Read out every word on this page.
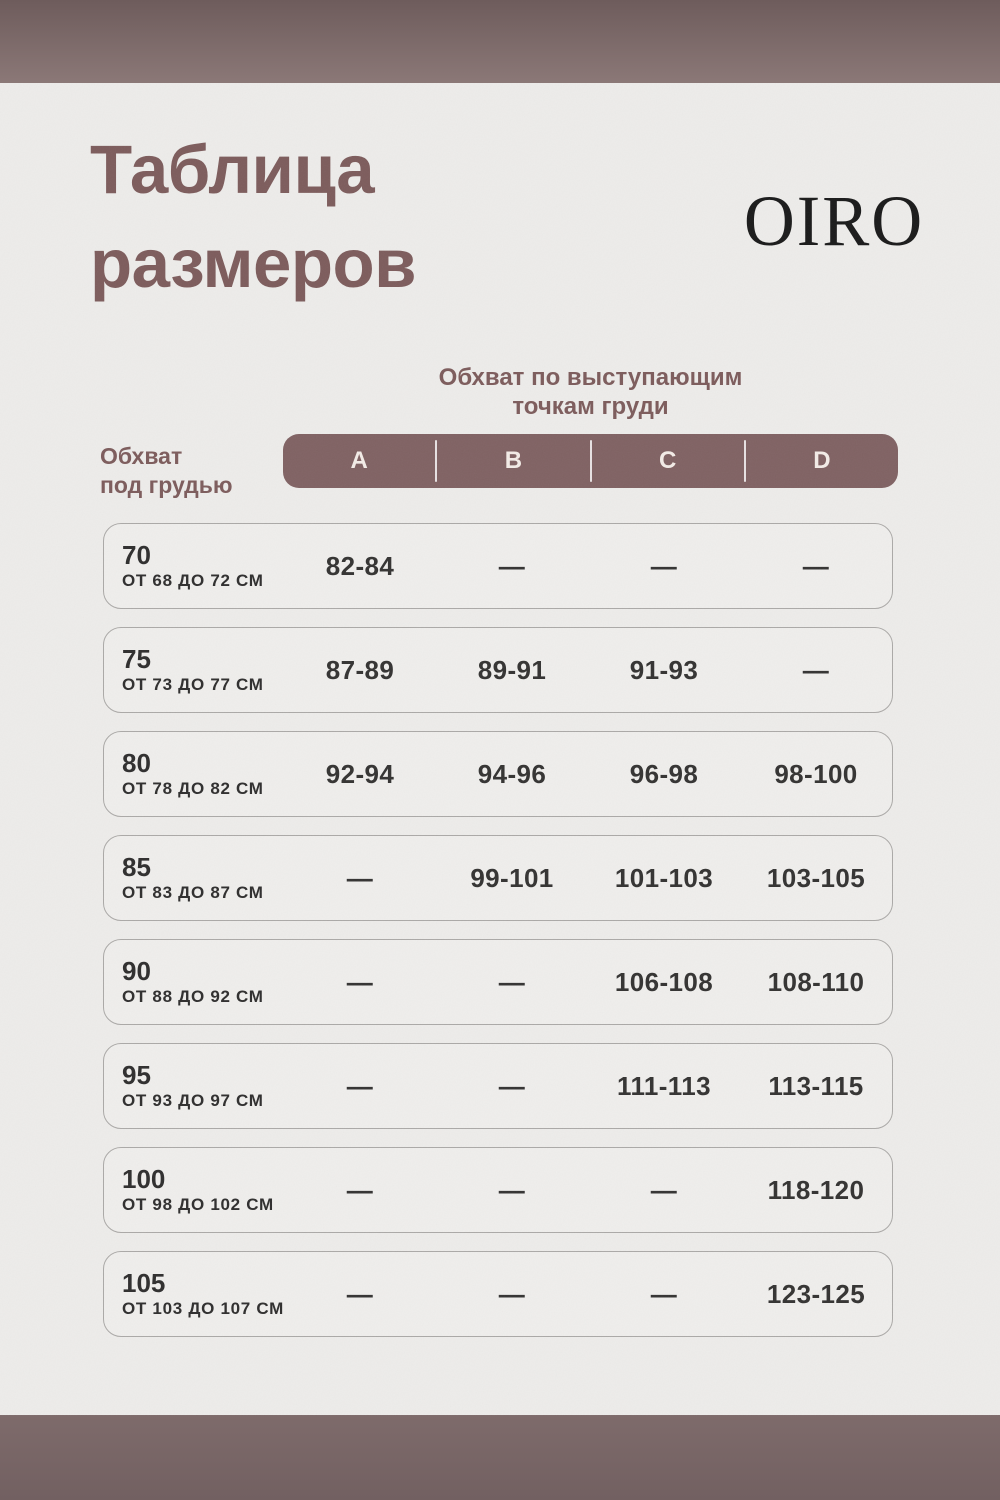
Таблица
размеров
OIRO
Обхват по выступающим
точкам груди
Обхват
под грудью
A	B	C	D
70
ОТ 68 ДО 72 СМ	82-84	—	—	—
75
ОТ 73 ДО 77 СМ	87-89	89-91	91-93	—
80
ОТ 78 ДО 82 СМ	92-94	94-96	96-98	98-100
85
ОТ 83 ДО 87 СМ	—	99-101	101-103	103-105
90
ОТ 88 ДО 92 СМ	—	—	106-108	108-110
95
ОТ 93 ДО 97 СМ	—	—	111-113	113-115
100
ОТ 98 ДО 102 СМ	—	—	—	118-120
105
ОТ 103 ДО 107 СМ	—	—	—	123-125
